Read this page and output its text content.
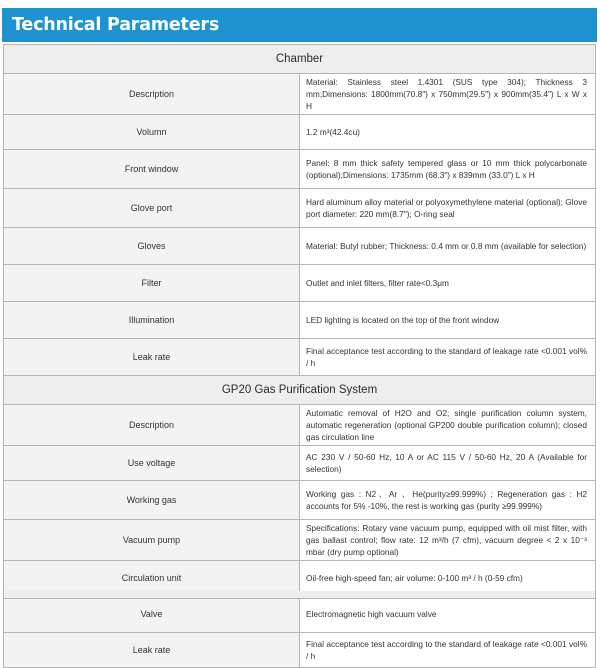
Technical Parameters
Chamber	
Description	Material: Stainless steel 1.4301 (SUS type 304); Thickness 3 mm;Dimensions: 1800mm(70.8") x 750mm(29.5") x 900mm(35.4") L x W x H
Volumn	1.2 m³(42.4cu)
Front window	Panel: 8 mm thick safety tempered glass or 10 mm thick polycarbonate (optional);Dimensions: 1735mm (68.3") x 839mm (33.0") L x H
Glove port	Hard aluminum alloy material or polyoxymethylene material (optional); Glove port diameter: 220 mm(8.7"); O-ring seal
Gloves	Material: Butyl rubber; Thickness: 0.4 mm or 0.8 mm (available for selection)
Filter	Outlet and inlet filters, filter rate<0.3μm
Illumination	LED lighting is located on the top of the front window
Leak rate	Final acceptance test according to the standard of leakage rate <0.001 vol% / h
GP20 Gas Purification System	
Description	Automatic removal of H2O and O2; single purification column system, automatic regeneration (optional GP200 double purification column); closed gas circulation line
Use voltage	AC 230 V / 50-60 Hz, 10 A or AC 115 V / 50-60 Hz, 20 A (Available for selection)
Working gas	Working gas : N2、Ar 、He(purity≥99.999%) ; Regeneration gas : H2 accounts for 5% -10%, the rest is working gas (purity ≥99.999%)
Vacuum pump	Specifications: Rotary vane vacuum pump, equipped with oil mist filter, with gas ballast control; flow rate: 12 m³/h (7 cfm), vacuum degree < 2 x 10⁻³ mbar (dry pump optional)
Circulation unit	Oil-free high-speed fan; air volume: 0-100 m³ / h (0-59 cfm)
Valve	Electromagnetic high vacuum valve
Leak rate	Final acceptance test according to the standard of leakage rate <0.001 vol% / h
